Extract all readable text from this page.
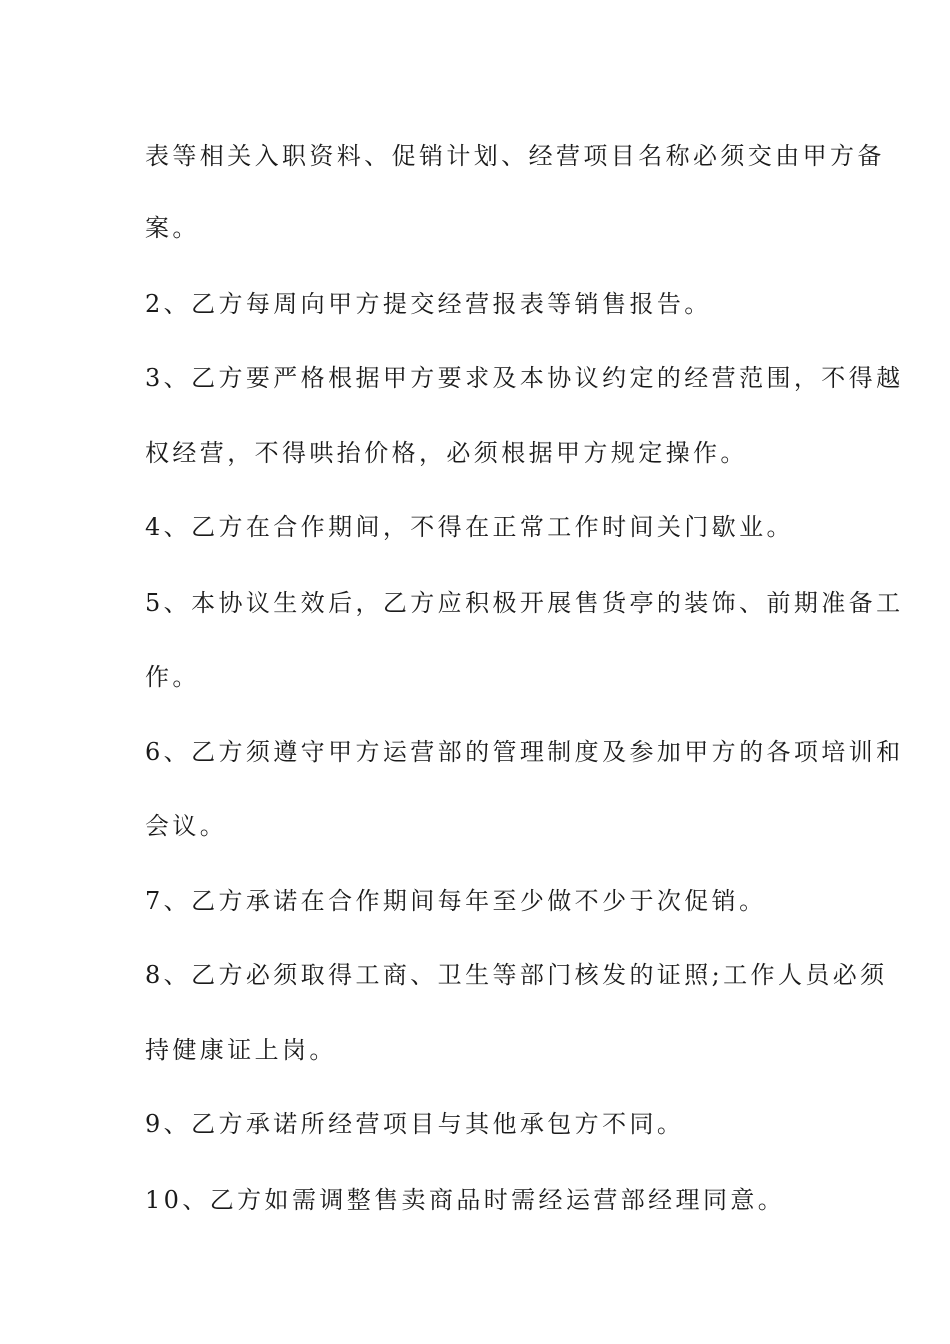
表等相关入职资料、促销计划、经营项目名称必须交由甲方备
案。
2、乙方每周向甲方提交经营报表等销售报告。
3、乙方要严格根据甲方要求及本协议约定的经营范围，不得越
权经营，不得哄抬价格，必须根据甲方规定操作。
4、乙方在合作期间，不得在正常工作时间关门歇业。
5、本协议生效后，乙方应积极开展售货亭的装饰、前期准备工
作。
6、乙方须遵守甲方运营部的管理制度及参加甲方的各项培训和
会议。
7、乙方承诺在合作期间每年至少做不少于次促销。
8、乙方必须取得工商、卫生等部门核发的证照;工作人员必须
持健康证上岗。
9、乙方承诺所经营项目与其他承包方不同。
10、乙方如需调整售卖商品时需经运营部经理同意。
